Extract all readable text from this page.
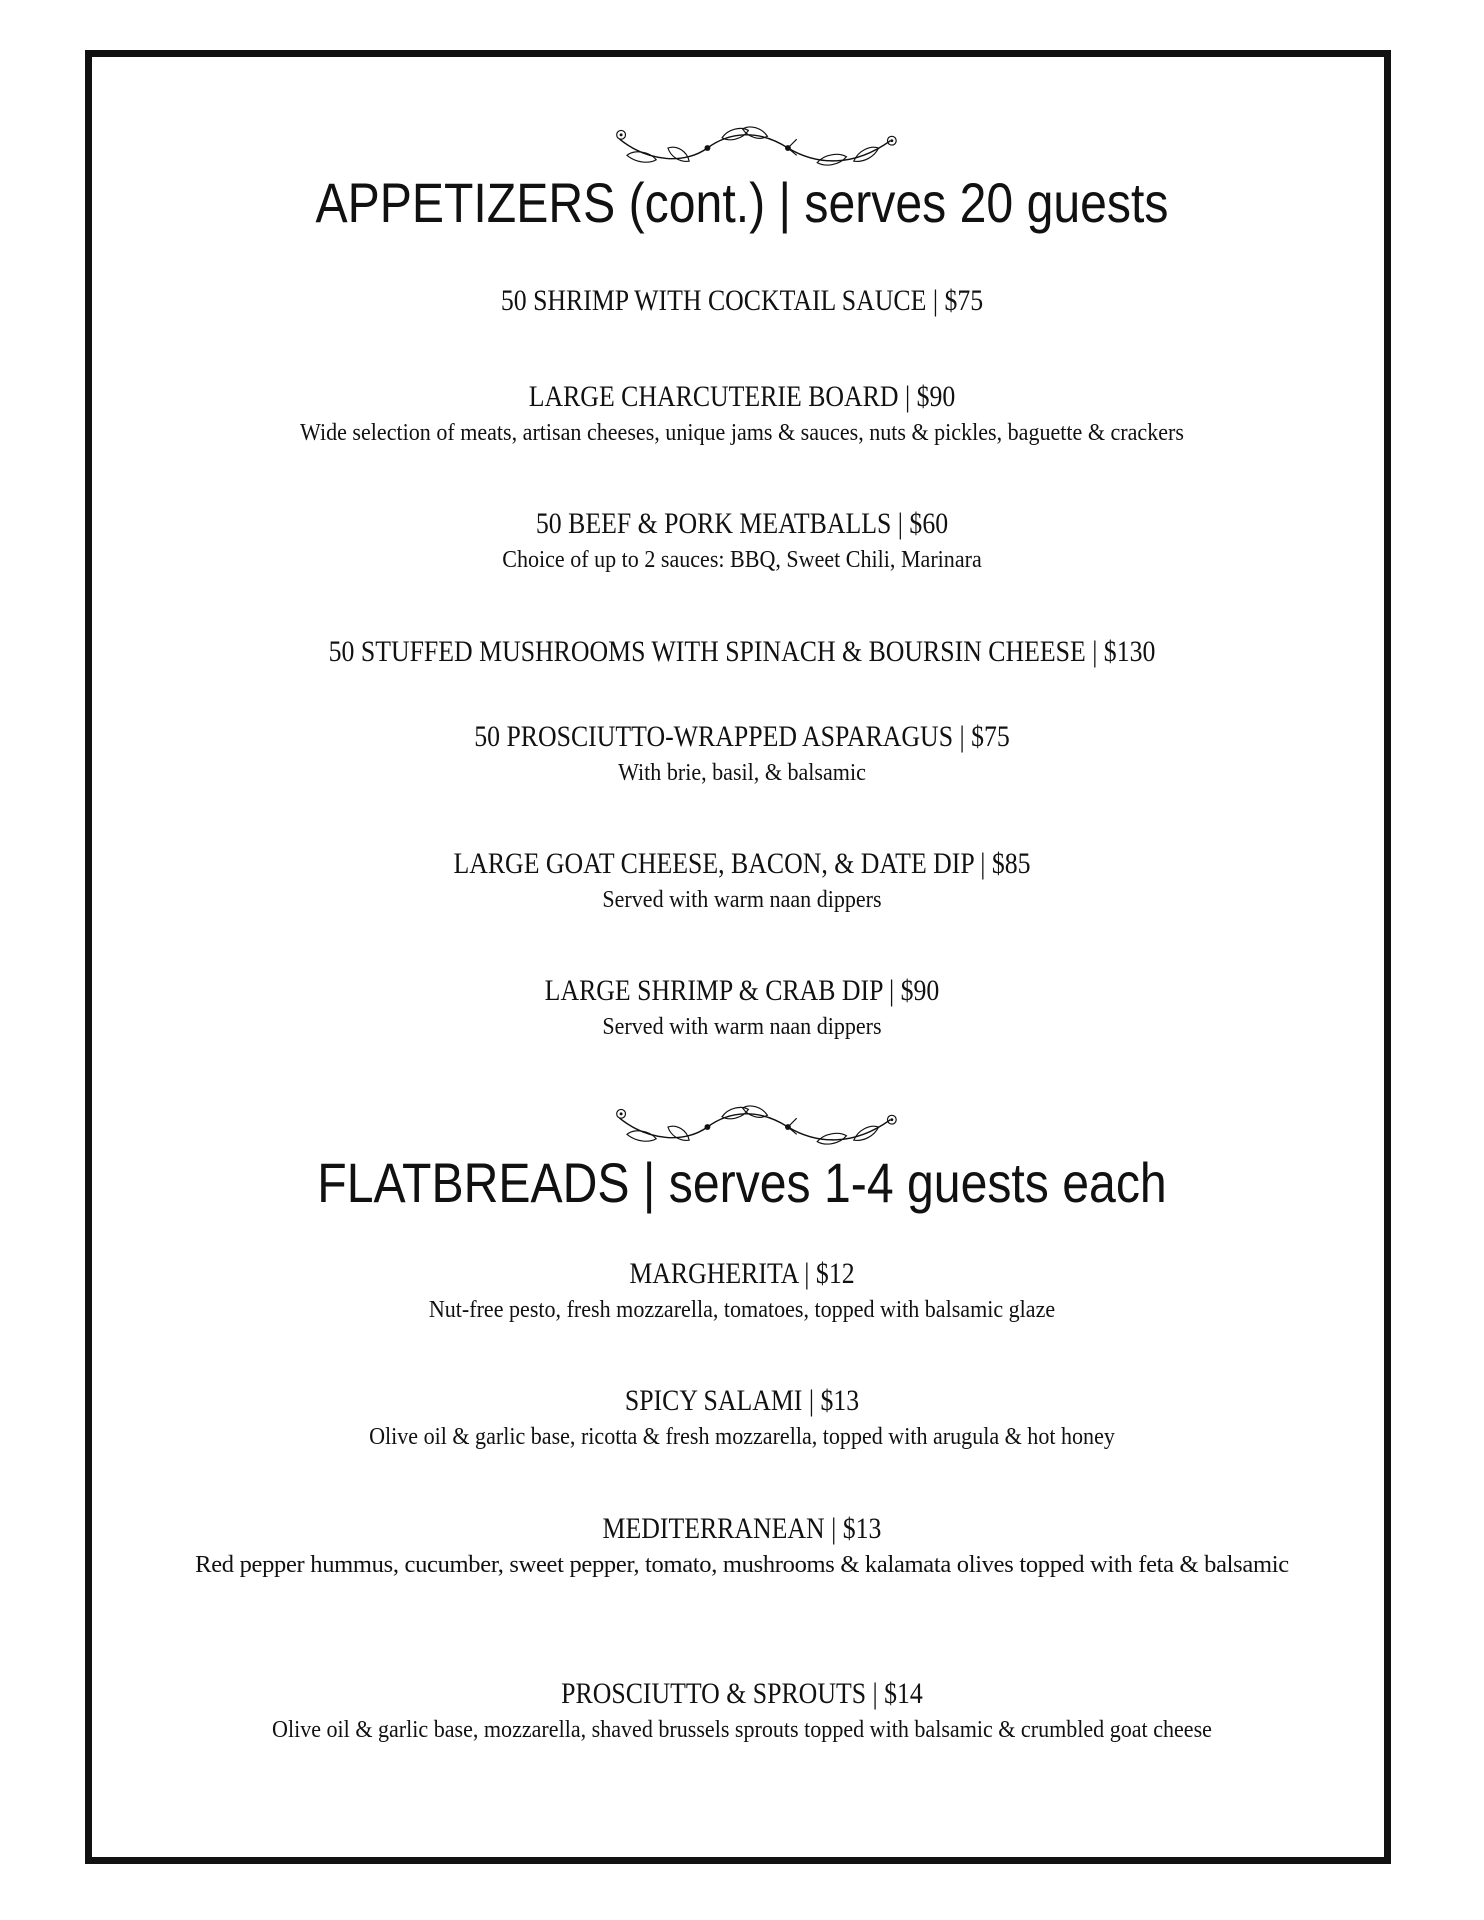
APPETIZERS (cont.) | serves 20 guests
50 SHRIMP WITH COCKTAIL SAUCE | $75
LARGE CHARCUTERIE BOARD | $90
Wide selection of meats, artisan cheeses, unique jams & sauces, nuts & pickles, baguette & crackers
50 BEEF & PORK MEATBALLS | $60
Choice of up to 2 sauces: BBQ, Sweet Chili, Marinara
50 STUFFED MUSHROOMS WITH SPINACH & BOURSIN CHEESE | $130
50 PROSCIUTTO-WRAPPED ASPARAGUS | $75
With brie, basil, & balsamic
LARGE GOAT CHEESE, BACON, & DATE DIP | $85
Served with warm naan dippers
LARGE SHRIMP & CRAB DIP | $90
Served with warm naan dippers
FLATBREADS | serves 1-4 guests each
MARGHERITA | $12
Nut-free pesto, fresh mozzarella, tomatoes, topped with balsamic glaze
SPICY SALAMI | $13
Olive oil & garlic base, ricotta & fresh mozzarella, topped with arugula & hot honey
MEDITERRANEAN | $13
Red pepper hummus, cucumber, sweet pepper, tomato, mushrooms & kalamata olives topped with feta & balsamic
PROSCIUTTO & SPROUTS | $14
Olive oil & garlic base, mozzarella, shaved brussels sprouts topped with balsamic & crumbled goat cheese
